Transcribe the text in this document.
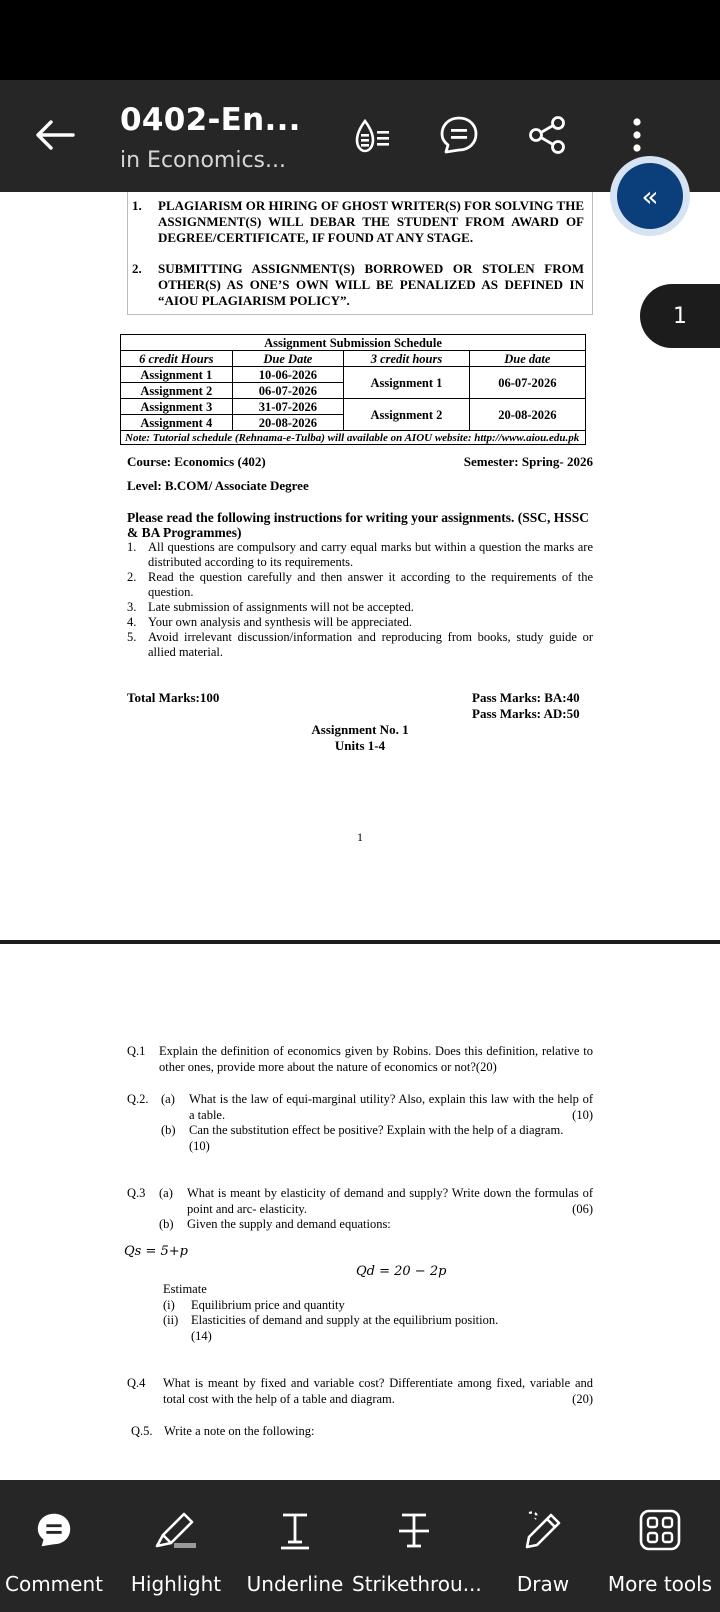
0402-En...
in Economics...
1. PLAGIARISM OR HIRING OF GHOST WRITER(S) FOR SOLVING THE ASSIGNMENT(S) WILL DEBAR THE STUDENT FROM AWARD OF DEGREE/CERTIFICATE, IF FOUND AT ANY STAGE.
2. SUBMITTING ASSIGNMENT(S) BORROWED OR STOLEN FROM OTHER(S) AS ONE’S OWN WILL BE PENALIZED AS DEFINED IN “AIOU PLAGIARISM POLICY”.
Assignment Submission Schedule			
6 credit Hours	Due Date	3 credit hours	Due date
Assignment 1	10-06-2026	Assignment 1	06-07-2026
Assignment 2	06-07-2026		
Assignment 3	31-07-2026	Assignment 2	20-08-2026
Assignment 4	20-08-2026		
Note: Tutorial schedule (Rehnama-e-Tulba) will available on AIOU website: http://www.aiou.edu.pk			
Course: Economics (402)	Semester: Spring- 2026
Level: B.COM/ Associate Degree
Please read the following instructions for writing your assignments. (SSC, HSSC & BA Programmes)
1. All questions are compulsory and carry equal marks but within a question the marks are distributed according to its requirements.
2. Read the question carefully and then answer it according to the requirements of the question.
3. Late submission of assignments will not be accepted.
4. Your own analysis and synthesis will be appreciated.
5. Avoid irrelevant discussion/information and reproducing from books, study guide or allied material.
Total Marks:100	Pass Marks: BA:40
Pass Marks: AD:50
Assignment No. 1
Units 1-4
1
Q.1 Explain the definition of economics given by Robins. Does this definition, relative to other ones, provide more about the nature of economics or not?(20)
Q.2. (a) What is the law of equi-marginal utility? Also, explain this law with the help of a table.	(10)
(b) Can the substitution effect be positive? Explain with the help of a diagram.
(10)
Q.3 (a) What is meant by elasticity of demand and supply? Write down the formulas of point and arc- elasticity.	(06)
(b) Given the supply and demand equations:
Qs = 5+p
Qd = 20 − 2p
Estimate
(i) Equilibrium price and quantity
(ii) Elasticities of demand and supply at the equilibrium position.
(14)
Q.4 What is meant by fixed and variable cost? Differentiate among fixed, variable and total cost with the help of a table and diagram.	(20)
Q.5. Write a note on the following:
«
1
Comment	Highlight	Underline Strikethrou...	Draw	More tools
